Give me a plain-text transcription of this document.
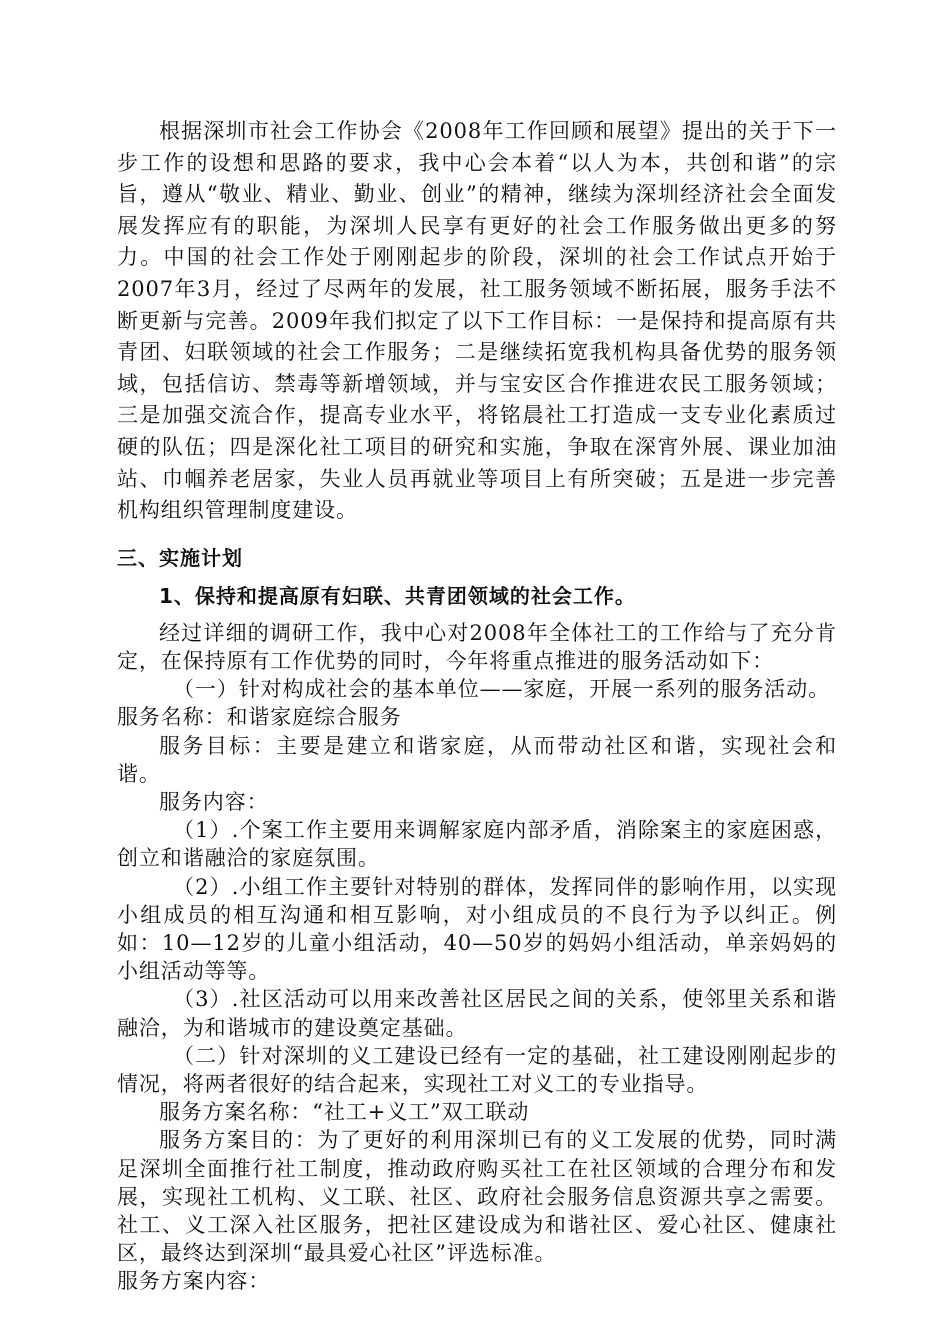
根据深圳市社会工作协会《2008年工作回顾和展望》提出的关于下一步工作的设想和思路的要求，我中心会本着“以人为本，共创和谐”的宗旨，遵从“敬业、精业、勤业、创业”的精神，继续为深圳经济社会全面发展发挥应有的职能，为深圳人民享有更好的社会工作服务做出更多的努力。中国的社会工作处于刚刚起步的阶段，深圳的社会工作试点开始于2007年3月，经过了尽两年的发展，社工服务领域不断拓展，服务手法不断更新与完善。2009年我们拟定了以下工作目标：一是保持和提高原有共青团、妇联领域的社会工作服务；二是继续拓宽我机构具备优势的服务领域，包括信访、禁毒等新增领域，并与宝安区合作推进农民工服务领域；三是加强交流合作，提高专业水平，将铭晨社工打造成一支专业化素质过硬的队伍；四是深化社工项目的研究和实施，争取在深宵外展、课业加油站、巾帼养老居家，失业人员再就业等项目上有所突破；五是进一步完善机构组织管理制度建设。

三、实施计划

1、保持和提高原有妇联、共青团领域的社会工作。

经过详细的调研工作，我中心对2008年全体社工的工作给与了充分肯定，在保持原有工作优势的同时，今年将重点推进的服务活动如下：

（一）针对构成社会的基本单位——家庭，开展一系列的服务活动。

服务名称：和谐家庭综合服务

服务目标：主要是建立和谐家庭，从而带动社区和谐，实现社会和谐。

服务内容：

（1）.个案工作主要用来调解家庭内部矛盾，消除案主的家庭困惑，创立和谐融洽的家庭氛围。

（2）.小组工作主要针对特别的群体，发挥同伴的影响作用，以实现小组成员的相互沟通和相互影响，对小组成员的不良行为予以纠正。例如：10—12岁的儿童小组活动，40—50岁的妈妈小组活动，单亲妈妈的小组活动等等。

（3）.社区活动可以用来改善社区居民之间的关系，使邻里关系和谐融洽，为和谐城市的建设奠定基础。

（二）针对深圳的义工建设已经有一定的基础，社工建设刚刚起步的情况，将两者很好的结合起来，实现社工对义工的专业指导。

服务方案名称：“社工+义工”双工联动

服务方案目的：为了更好的利用深圳已有的义工发展的优势，同时满足深圳全面推行社工制度，推动政府购买社工在社区领域的合理分布和发展，实现社工机构、义工联、社区、政府社会服务信息资源共享之需要。社工、义工深入社区服务，把社区建设成为和谐社区、爱心社区、健康社区，最终达到深圳“最具爱心社区”评选标准。

服务方案内容：
